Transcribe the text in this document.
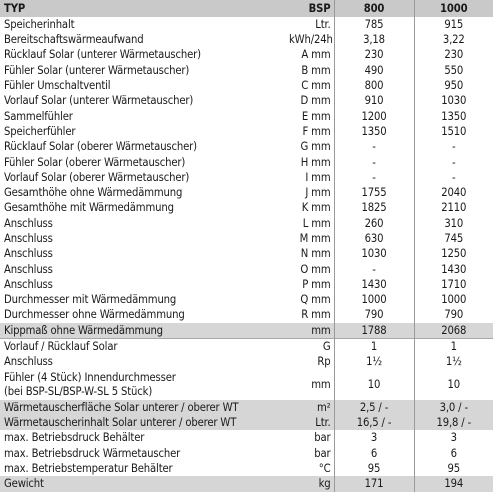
TYP	BSP	800	1000
Speicherinhalt	Ltr.	785	915
Bereitschaftswärmeaufwand	kWh/24h	3,18	3,22
Rücklauf Solar (unterer Wärmetauscher)	A mm	230	230
Fühler Solar (unterer Wärmetauscher)	B mm	490	550
Fühler Umschaltventil	C mm	800	950
Vorlauf Solar (unterer Wärmetauscher)	D mm	910	1030
Sammelfühler	E mm	1200	1350
Speicherfühler	F mm	1350	1510
Rücklauf Solar (oberer Wärmetauscher)	G mm	-	-
Fühler Solar (oberer Wärmetauscher)	H mm	-	-
Vorlauf Solar (oberer Wärmetauscher)	I mm	-	-
Gesamthöhe ohne Wärmedämmung	J mm	1755	2040
Gesamthöhe mit Wärmedämmung	K mm	1825	2110
Anschluss	L mm	260	310
Anschluss	M mm	630	745
Anschluss	N mm	1030	1250
Anschluss	O mm	-	1430
Anschluss	P mm	1430	1710
Durchmesser mit Wärmedämmung	Q mm	1000	1000
Durchmesser ohne Wärmedämmung	R mm	790	790
Kippmaß ohne Wärmedämmung	mm	1788	2068
Vorlauf / Rücklauf Solar	G	1	1
Anschluss	Rp	1½	1½

Fühler (4 Stück) Innendurchmesser
(bei BSP-SL/BSP-W-SL 5 Stück)	mm	10	10
Wärmetauscherfläche Solar unterer / oberer WT	m²	2,5 / -	3,0 / -
Wärmetauscherinhalt Solar unterer / oberer WT	Ltr.	16,5 / -	19,8 / -
max. Betriebsdruck Behälter	bar	3	3
max. Betriebsdruck Wärmetauscher	bar	6	6
max. Betriebstemperatur Behälter	°C	95	95
Gewicht	kg	171	194
